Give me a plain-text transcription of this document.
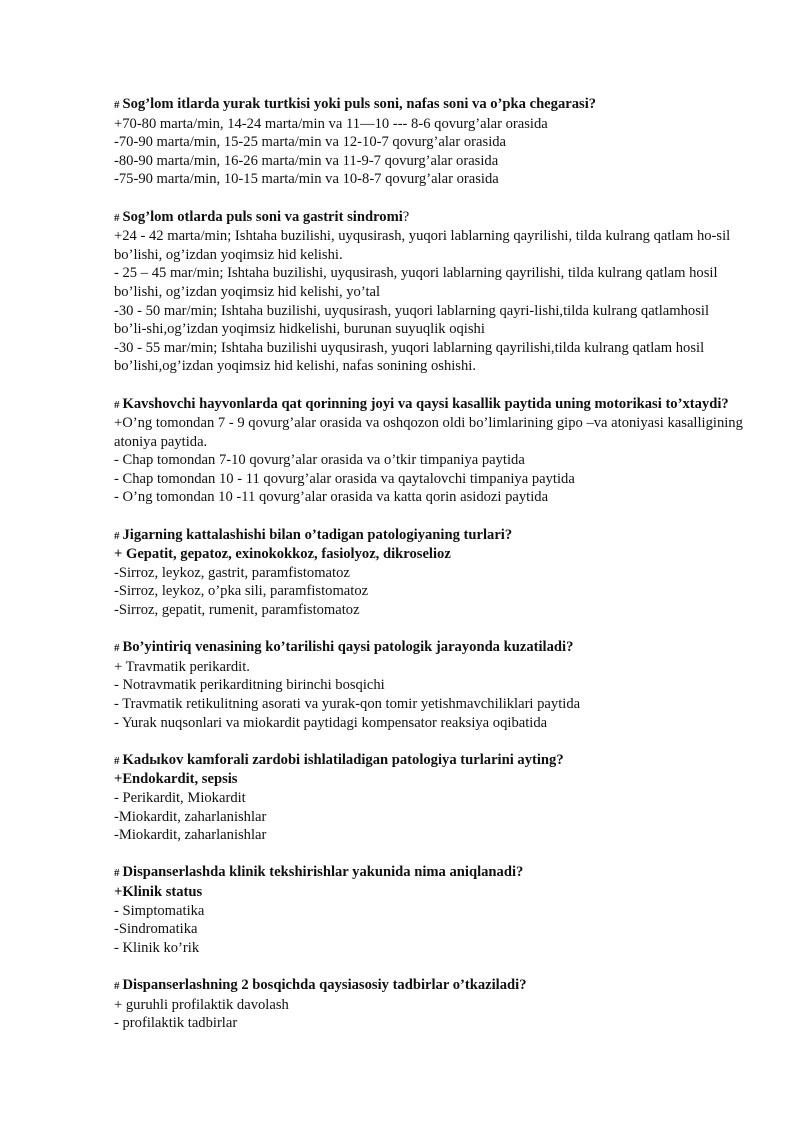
# Sog’lom itlarda yurak turtkisi yoki puls soni, nafas soni va o’pka chegarasi?
+70-80 marta/min, 14-24 marta/min va 11—10 --- 8-6 qovurg’alar orasida
-70-90 marta/min, 15-25 marta/min va 12-10-7 qovurg’alar orasida
-80-90 marta/min, 16-26 marta/min va 11-9-7 qovurg’alar orasida
-75-90 marta/min, 10-15 marta/min va 10-8-7 qovurg’alar orasida
# Sog’lom otlarda puls soni va gastrit sindromi?
+24 - 42 marta/min; Ishtaha buzilishi, uyqusirash, yuqori lablarning qayrilishi, tilda kulrang qatlam ho-sil bo’lishi, og’izdan yoqimsiz hid kelishi.
- 25 – 45 mar/min; Ishtaha buzilishi, uyqusirash, yuqori lablarning qayrilishi, tilda kulrang qatlam hosil bo’lishi, og’izdan yoqimsiz hid kelishi, yo’tal
-30 - 50 mar/min; Ishtaha buzilishi, uyqusirash, yuqori lablarning qayri-lishi,tilda kulrang qatlamhosil bo’li-shi,og’izdan yoqimsiz hidkelishi, burunan suyuqlik oqishi
-30 - 55 mar/min; Ishtaha buzilishi uyqusirash, yuqori lablarning qayrilishi,tilda kulrang qatlam hosil bo’lishi,og’izdan yoqimsiz hid kelishi, nafas sonining oshishi.
# Kavshovchi hayvonlarda qat qorinning joyi va qaysi kasallik paytida uning motorikasi to’xtaydi?
+O’ng tomondan 7 - 9 qovurg’alar orasida va oshqozon oldi bo’limlarining gipo –va atoniyasi kasalligining atoniya paytida.
- Chap tomondan 7-10 qovurg’alar orasida va o’tkir timpaniya paytida
- Chap tomondan 10 - 11 qovurg’alar orasida va qaytalovchi timpaniya paytida
- O’ng tomondan 10 -11 qovurg’alar orasida va katta qorin asidozi paytida
# Jigarning kattalashishi bilan o’tadigan patologiyaning turlari?
+ Gepatit, gepatoz, exinokokkoz, fasiolyoz, dikroselioz
-Sirroz, leykoz, gastrit, paramfistomatoz
-Sirroz, leykoz, o’pka sili, paramfistomatoz
-Sirroz, gepatit, rumenit, paramfistomatoz
# Bo’yintiriq venasining ko’tarilishi qaysi patologik jarayonda kuzatiladi?
+ Travmatik perikardit.
- Notravmatik perikarditning birinchi bosqichi
- Travmatik retikulitning asorati va yurak-qon tomir yetishmavchiliklari paytida
- Yurak nuqsonlari va miokardit paytidagi kompensator reaksiya oqibatida
# Kadыkov kamforali zardobi ishlatiladigan patologiya turlarini ayting?
+Endokardit, sepsis
- Perikardit, Miokardit
-Miokardit, zaharlanishlar
-Miokardit, zaharlanishlar
# Dispanserlashda klinik tekshirishlar yakunida nima aniqlanadi?
+Klinik status
- Simptomatika
-Sindromatika
- Klinik ko’rik
# Dispanserlashning 2 bosqichda qaysiasosiy tadbirlar o’tkaziladi?
+ guruhli profilaktik davolash
- profilaktik tadbirlar
